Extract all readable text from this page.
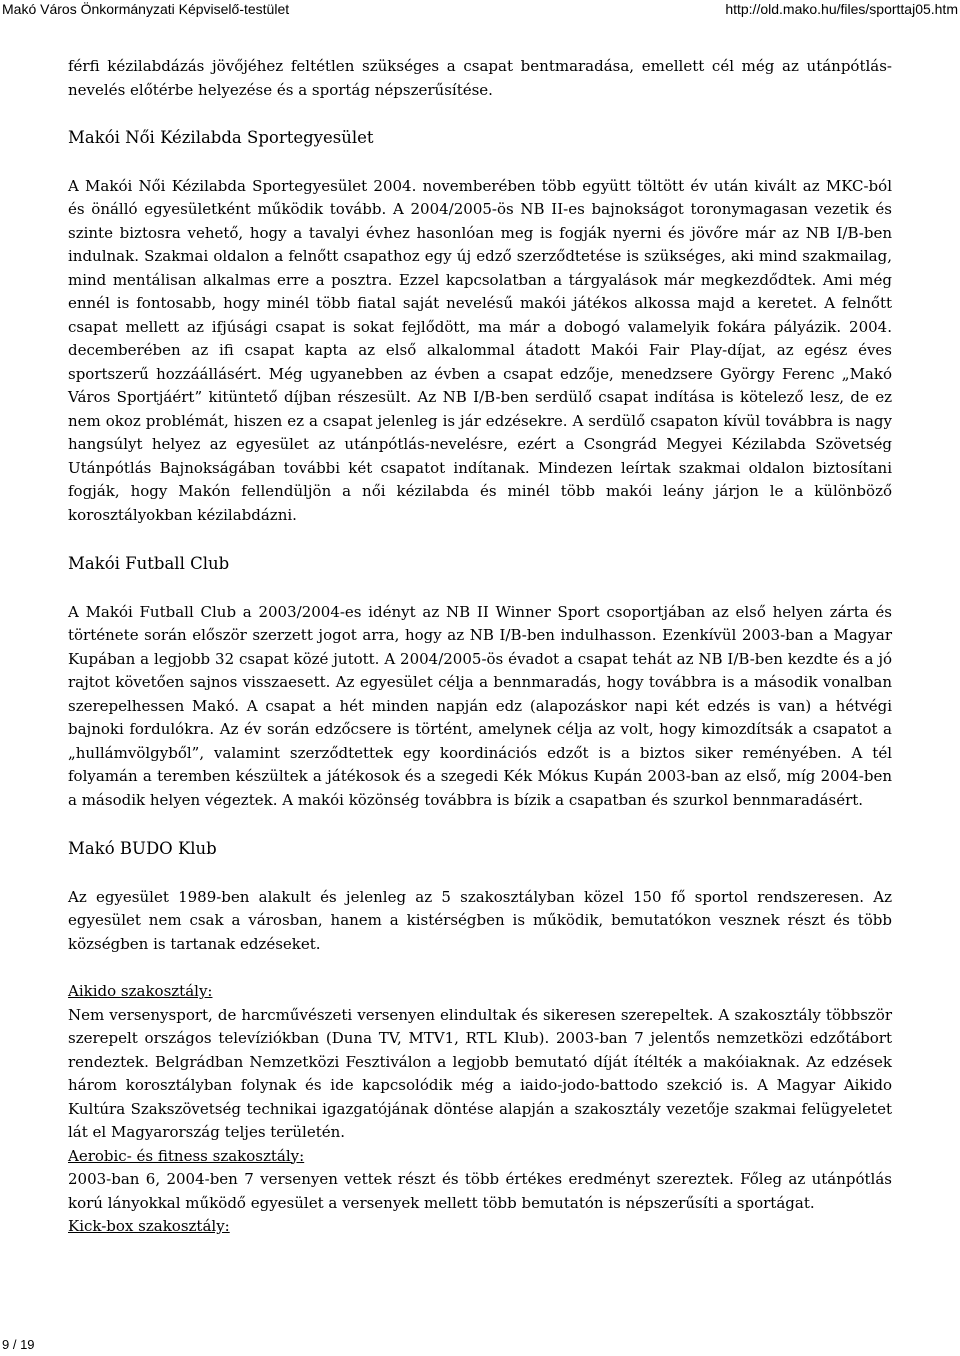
Makó Város Önkormányzati Képviselő-testület	http://old.mako.hu/files/sporttaj05.htm

férfi kézilabdázás jövőjéhez feltétlen szükséges a csapat bentmaradása, emellett cél még az utánpótlás-nevelés előtérbe helyezése és a sportág népszerűsítése.

Makói Női Kézilabda Sportegyesület

A Makói Női Kézilabda Sportegyesület 2004. novemberében több együtt töltött év után kivált az MKC-ból és önálló egyesületként működik tovább. A 2004/2005-ös NB II-es bajnokságot toronymagasan vezetik és szinte biztosra vehető, hogy a tavalyi évhez hasonlóan meg is fogják nyerni és jövőre már az NB I/B-ben indulnak. Szakmai oldalon a felnőtt csapathoz egy új edző szerződtetése is szükséges, aki mind szakmailag, mind mentálisan alkalmas erre a posztra. Ezzel kapcsolatban a tárgyalások már megkezdődtek. Ami még ennél is fontosabb, hogy minél több fiatal saját nevelésű makói játékos alkossa majd a keretet. A felnőtt csapat mellett az ifjúsági csapat is sokat fejlődött, ma már a dobogó valamelyik fokára pályázik. 2004. decemberében az ifi csapat kapta az első alkalommal átadott Makói Fair Play-díjat, az egész éves sportszerű hozzáállásért. Még ugyanebben az évben a csapat edzője, menedzsere György Ferenc „Makó Város Sportjáért” kitüntető díjban részesült. Az NB I/B-ben serdülő csapat indítása is kötelező lesz, de ez nem okoz problémát, hiszen ez a csapat jelenleg is jár edzésekre. A serdülő csapaton kívül továbbra is nagy hangsúlyt helyez az egyesület az utánpótlás-nevelésre, ezért a Csongrád Megyei Kézilabda Szövetség Utánpótlás Bajnokságában további két csapatot indítanak. Mindezen leírtak szakmai oldalon biztosítani fogják, hogy Makón fellendüljön a női kézilabda és minél több makói leány járjon le a különböző korosztályokban kézilabdázni.

Makói Futball Club

A Makói Futball Club a 2003/2004-es idényt az NB II Winner Sport csoportjában az első helyen zárta és története során először szerzett jogot arra, hogy az NB I/B-ben indulhasson. Ezenkívül 2003-ban a Magyar Kupában a legjobb 32 csapat közé jutott. A 2004/2005-ös évadot a csapat tehát az NB I/B-ben kezdte és a jó rajtot követően sajnos visszaesett. Az egyesület célja a bennmaradás, hogy továbbra is a második vonalban szerepelhessen Makó. A csapat a hét minden napján edz (alapozáskor napi két edzés is van) a hétvégi bajnoki fordulókra. Az év során edzőcsere is történt, amelynek célja az volt, hogy kimozdítsák a csapatot a „hullámvölgyből”, valamint szerződtettek egy koordinációs edzőt is a biztos siker reményében. A tél folyamán a teremben készültek a játékosok és a szegedi Kék Mókus Kupán 2003-ban az első, míg 2004-ben a második helyen végeztek. A makói közönség továbbra is bízik a csapatban és szurkol bennmaradásért.

Makó BUDO Klub

Az egyesület 1989-ben alakult és jelenleg az 5 szakosztályban közel 150 fő sportol rendszeresen. Az egyesület nem csak a városban, hanem a kistérségben is működik, bemutatókon vesznek részt és több községben is tartanak edzéseket.

Aikido szakosztály:

Nem versenysport, de harcművészeti versenyen elindultak és sikeresen szerepeltek. A szakosztály többször szerepelt országos televíziókban (Duna TV, MTV1, RTL Klub). 2003-ban 7 jelentős nemzetközi edzőtábort rendeztek. Belgrádban Nemzetközi Fesztiválon a legjobb bemutató díját ítélték a makóiaknak. Az edzések három korosztályban folynak és ide kapcsolódik még a iaido-jodo-battodo szekció is. A Magyar Aikido Kultúra Szakszövetség technikai igazgatójának döntése alapján a szakosztály vezetője szakmai felügyeletet lát el Magyarország teljes területén.

Aerobic- és fitness szakosztály:

2003-ban 6, 2004-ben 7 versenyen vettek részt és több értékes eredményt szereztek. Főleg az utánpótlás korú lányokkal működő egyesület a versenyek mellett több bemutatón is népszerűsíti a sportágat.

Kick-box szakosztály:
9 / 19
